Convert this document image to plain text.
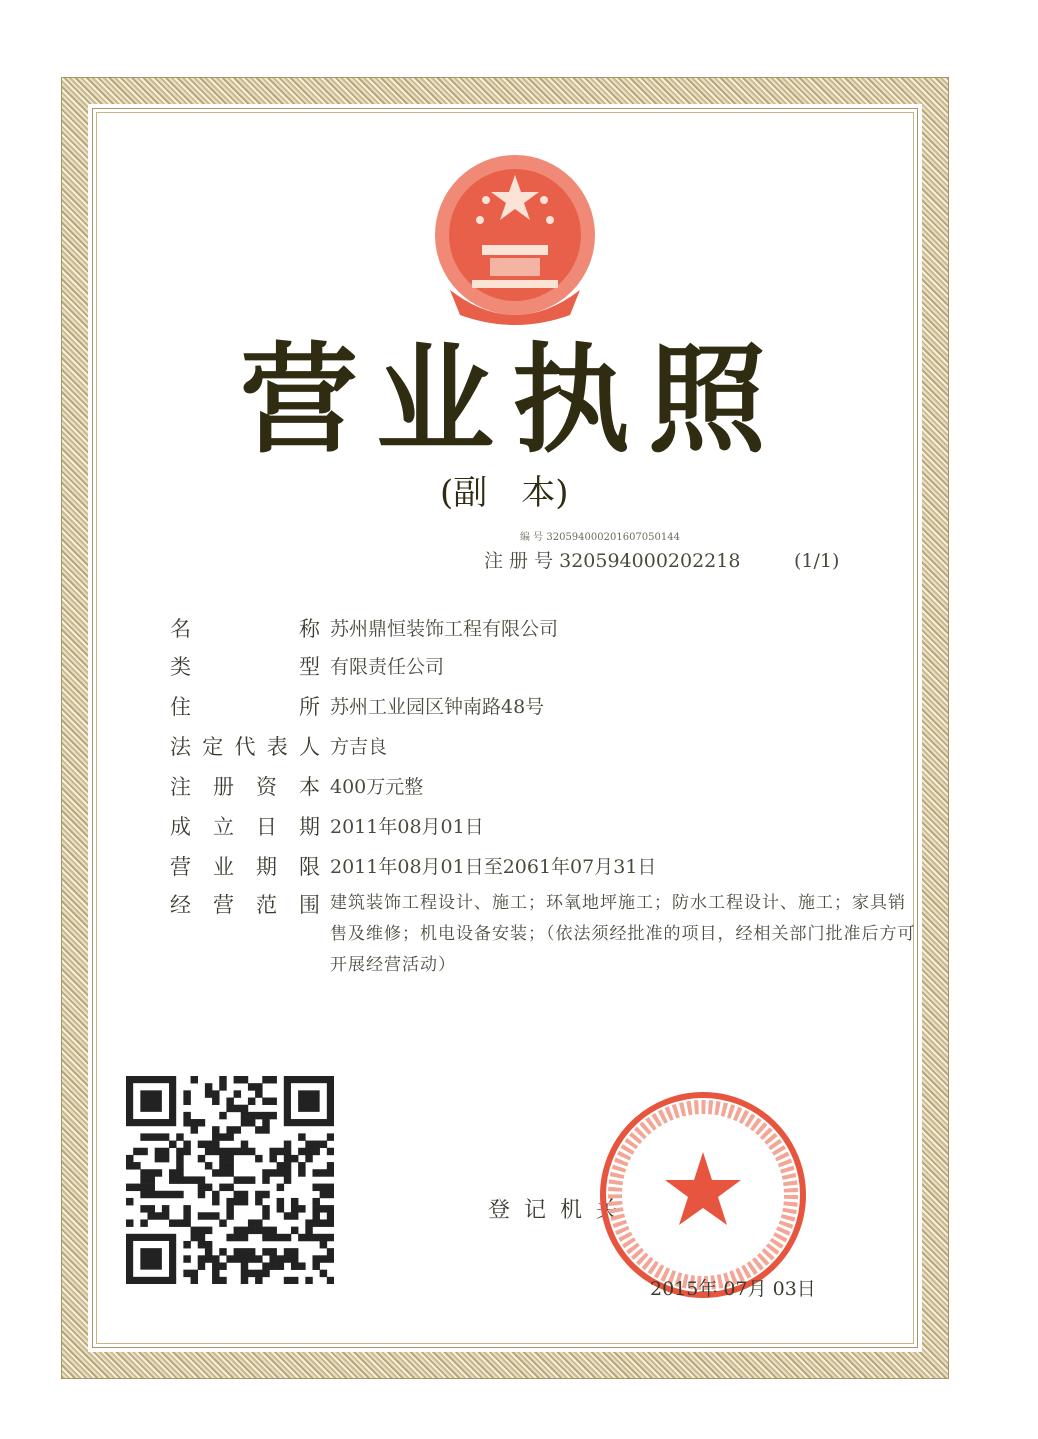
营业执照
(副　本)
编 号 320594000201607050144
注 册 号 320594000202218	(1/1)
名	称 苏州鼎恒装饰工程有限公司
类	型 有限责任公司
住	所 苏州工业园区钟南路48号
法 定 代 表 人 方吉良
注 册 资 本 400万元整
成 立 日 期 2011年08月01日
营 业 期 限 2011年08月01日至2061年07月31日
经 营 范 围 建筑装饰工程设计、施工；环氧地坪施工；防水工程设计、施工；家具销售及维修；机电设备安装；（依法须经批准的项目，经相关部门批准后方可开展经营活动）
登记机关
2015年 07月 03日
